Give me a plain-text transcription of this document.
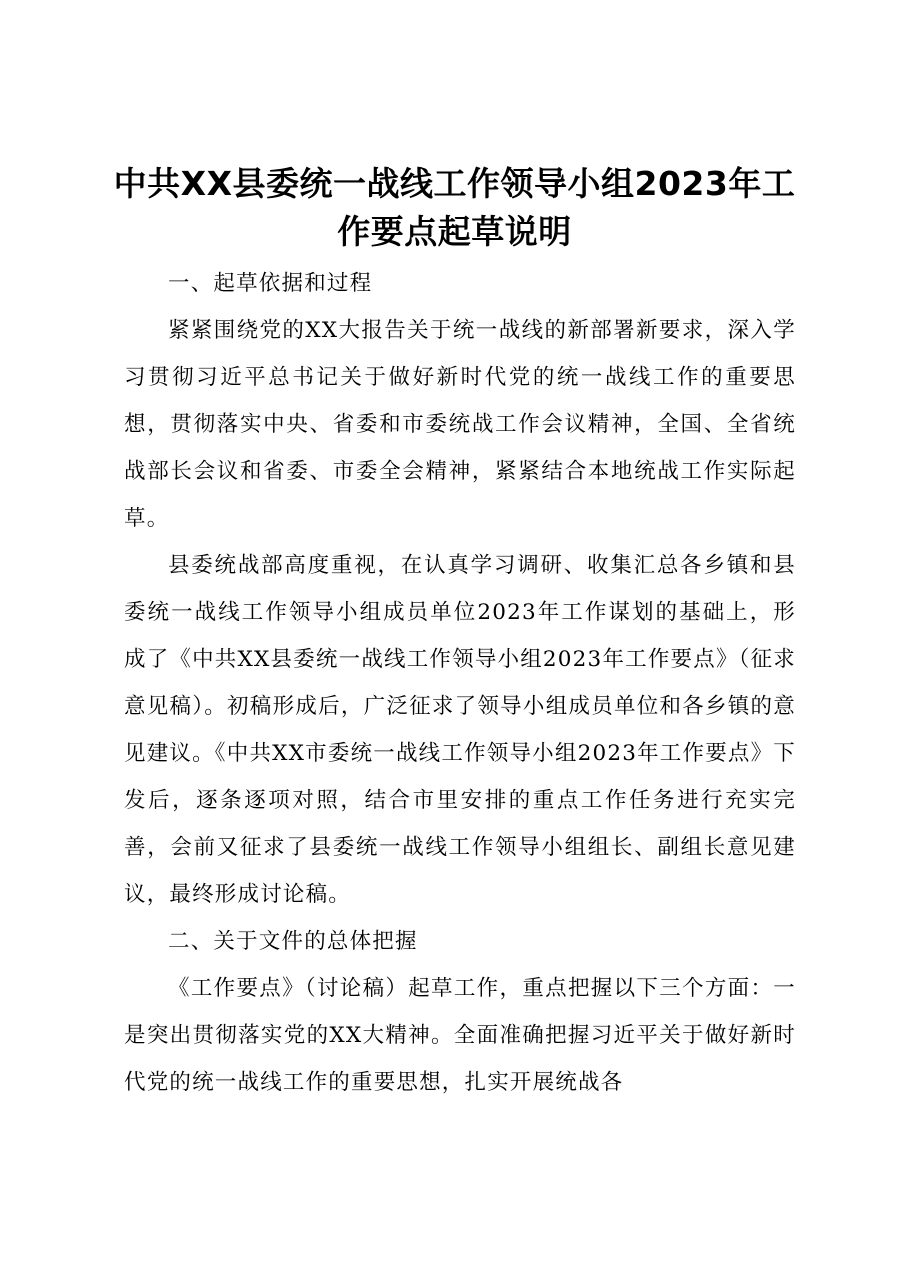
中共XX县委统一战线工作领导小组2023年工
作要点起草说明

一、起草依据和过程

紧紧围绕党的XX大报告关于统一战线的新部署新要求，深入学习贯彻习近平总书记关于做好新时代党的统一战线工作的重要思想，贯彻落实中央、省委和市委统战工作会议精神，全国、全省统战部长会议和省委、市委全会精神，紧紧结合本地统战工作实际起草。

县委统战部高度重视，在认真学习调研、收集汇总各乡镇和县委统一战线工作领导小组成员单位2023年工作谋划的基础上，形成了《中共XX县委统一战线工作领导小组2023年工作要点》（征求意见稿）。初稿形成后，广泛征求了领导小组成员单位和各乡镇的意见建议。《中共XX市委统一战线工作领导小组2023年工作要点》下发后，逐条逐项对照，结合市里安排的重点工作任务进行充实完善，会前又征求了县委统一战线工作领导小组组长、副组长意见建议，最终形成讨论稿。

二、关于文件的总体把握

《工作要点》（讨论稿）起草工作，重点把握以下三个方面：一是突出贯彻落实党的XX大精神。全面准确把握习近平关于做好新时代党的统一战线工作的重要思想，扎实开展统战各
